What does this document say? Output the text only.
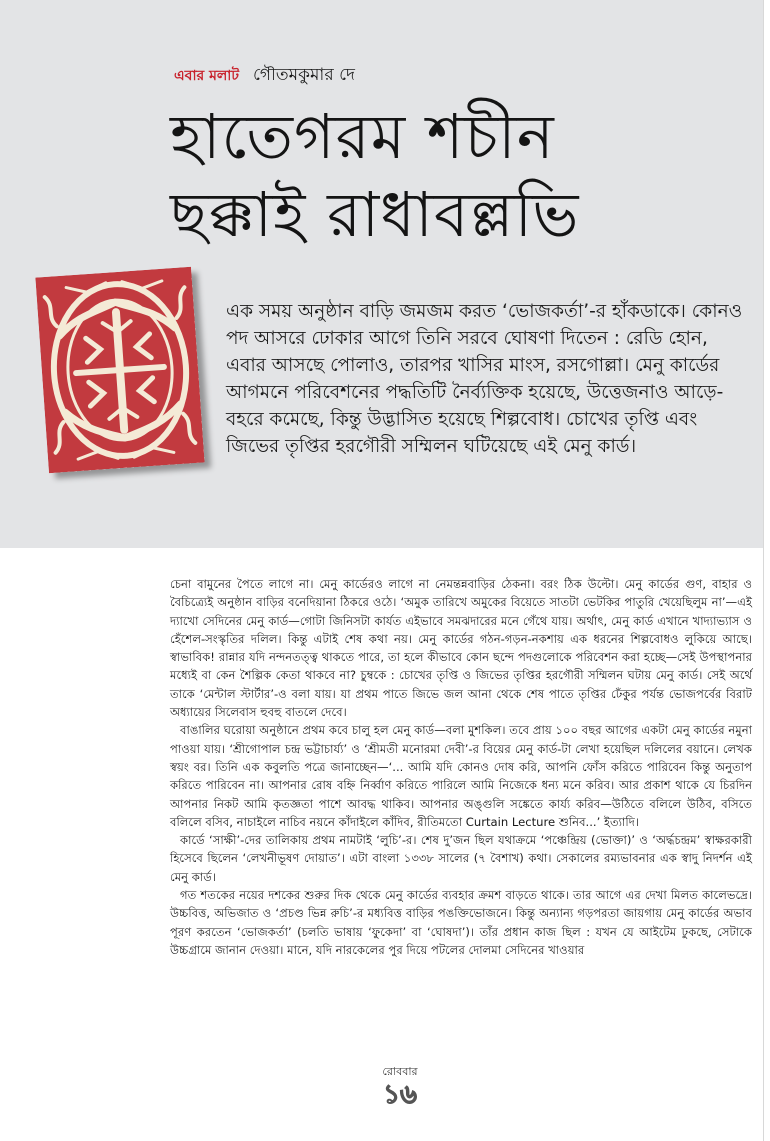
এবার মলাট গৌতমকুমার দে
হাতেগরম শচীন
ছক্কাই রাধাবল্লভি

এক সময় অনুষ্ঠান বাড়ি জমজম করত ‘ভোজকর্তা’-র হাঁকডাকে। কোনও পদ আসরে ঢোকার আগে তিনি সরবে ঘোষণা দিতেন : রেডি হোন, এবার আসছে পোলাও, তারপর খাসির মাংস, রসগোল্লা। মেনু কার্ডের আগমনে পরিবেশনের পদ্ধতিটি নৈর্ব্যক্তিক হয়েছে, উত্তেজনাও আড়ে-বহরে কমেছে, কিন্তু উদ্ভাসিত হয়েছে শিল্পবোধ। চোখের তৃপ্তি এবং জিভের তৃপ্তির হরগৌরী সম্মিলন ঘটিয়েছে এই মেনু কার্ড।

চেনা বামুনের পৈতে লাগে না। মেনু কার্ডেরও লাগে না নেমন্তন্নবাড়ির ঠেকনা। বরং ঠিক উল্টো। মেনু কার্ডের গুণ, বাহার ও বৈচিত্র্যেই অনুষ্ঠান বাড়ির বনেদিয়ানা ঠিকরে ওঠে। ‘অমুক তারিখে অমুকের বিয়েতে সাতটা ভেটকির পাতুরি খেয়েছিলুম না’—এই দ্যাখো সেদিনের মেনু কার্ড—গোটা জিনিসটা কার্যত এইভাবে সমঝদারের মনে গেঁথে যায়। অর্থাৎ, মেনু কার্ড এখানে খাদ্যাভ্যাস ও হেঁশেল-সংস্কৃতির দলিল। কিন্তু এটাই শেষ কথা নয়। মেনু কার্ডের গঠন-গড়ন-নকশায় এক ধরনের শিল্পবোধও লুকিয়ে আছে। স্বাভাবিক! রান্নার যদি নন্দনতত্ত্ব থাকতে পারে, তা হলে কীভাবে কোন ছন্দে পদগুলোকে পরিবেশন করা হচ্ছে—সেই উপস্থাপনার মধ্যেই বা কেন শৈল্পিক কেতা থাকবে না? চুম্বকে : চোখের তৃপ্তি ও জিভের তৃপ্তির হরগৌরী সম্মিলন ঘটায় মেনু কার্ড। সেই অর্থে তাকে ‘মেন্টাল স্টার্টার’-ও বলা যায়। যা প্রথম পাতে জিভে জল আনা থেকে শেষ পাতে তৃপ্তির ঢেঁকুর পর্যন্ত ভোজপর্বের বিরাট অধ্যায়ের সিলেবাস হুবহু বাতলে দেবে।

বাঙালির ঘরোয়া অনুষ্ঠানে প্রথম কবে চালু হল মেনু কার্ড—বলা মুশকিল। তবে প্রায় ১০০ বছর আগের একটা মেনু কার্ডের নমুনা পাওয়া যায়। ‘শ্রীগোপাল চন্দ্র ভট্টাচার্য্য’ ও ‘শ্রীমতী মনোরমা দেবী’-র বিয়ের মেনু কার্ড-টা লেখা হয়েছিল দলিলের বয়ানে। লেখক স্বয়ং বর। তিনি এক কবুলতি পত্রে জানাচ্ছেন—‘... আমি যদি কোনও দোষ করি, আপনি ফোঁস করিতে পারিবেন কিন্তু অনুতাপ করিতে পারিবেন না। আপনার রোষ বহ্নি নির্ব্বাণ করিতে পারিলে আমি নিজেকে ধন্য মনে করিব। আর প্রকাশ থাকে যে চিরদিন আপনার নিকট আমি কৃতজ্ঞতা পাশে আবদ্ধ থাকিব। আপনার অঙ্গুলি সঙ্কেতে কার্য্য করিব—উঠিতে বলিলে উঠিব, বসিতে বলিলে বসিব, নাচাইলে নাচিব নয়নে কাঁদাইলে কাঁদিব, রীতিমতো Curtain Lecture শুনিব...’ ইত্যাদি।

কার্ডে ‘সাক্ষী’-দের তালিকায় প্রথম নামটাই ‘লুচি’-র। শেষ দু’জন ছিল যথাক্রমে ‘পঞ্চেন্দ্রিয় (ভোক্তা)’ ও ‘অর্দ্ধচন্দ্রম’ স্বাক্ষরকারী হিসেবে ছিলেন ‘লেখনীভূষণ দোয়াত’। এটা বাংলা ১৩৩৮ সালের (৭ বৈশাখ) কথা। সেকালের রম্যভাবনার এক স্বাদু নিদর্শন এই মেনু কার্ড।

গত শতকের নয়ের দশকের শুরুর দিক থেকে মেনু কার্ডের ব্যবহার ক্রমশ বাড়তে থাকে। তার আগে এর দেখা মিলত কালেভদ্রে। উচ্চবিত্ত, অভিজাত ও ‘প্রচণ্ড ভিন্ন রুচি’-র মধ্যবিত্ত বাড়ির পঙক্তিভোজনে। কিন্তু অন্যান্য গড়পরতা জায়গায় মেনু কার্ডের অভাব পূরণ করতেন ‘ভোজকর্তা’ (চলতি ভাষায় ‘ফুকেদা’ বা ‘ঘোষদা’)। তাঁর প্রধান কাজ ছিল : যখন যে আইটেম ঢুকছে, সেটাকে উচ্চগ্রামে জানান দেওয়া। মানে, যদি নারকেলের পুর দিয়ে পটলের দোলমা সেদিনের খাওয়ার

রোববার
১৬
